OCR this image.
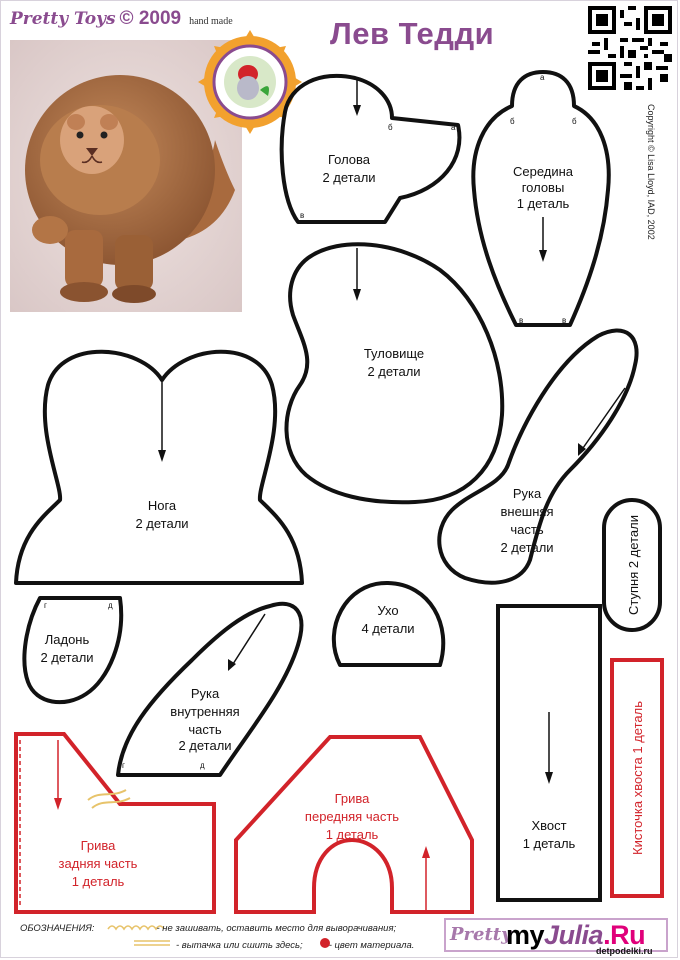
Pretty Toys © 2009 hand made	Лев Тедди
Голова
2 детали
б	а
в
Середина
головы
1 деталь
а
б	б
в	в
Туловище
2 детали
Нога
2 детали
Рука
внешняя
часть
2 детали	Ступня 2 детали
Ладонь
2 детали
г	д	Ухо
4 детали
Рука
внутренняя
часть
2 детали
г	д
Хвост
1 деталь	Кисточка хвоста 1 деталь
Грива
задняя часть
1 деталь
Грива
передняя часть
1 деталь
Copyright © Lisa Lloyd, IAD, 2002
ОБОЗНАЧЕНИЯ:	- не зашивать, оставить место для выворачивания;
- вытачка или сшить здесь;	- цвет материала.
Pretty
myJulia.Ru
detpodelki.ru
